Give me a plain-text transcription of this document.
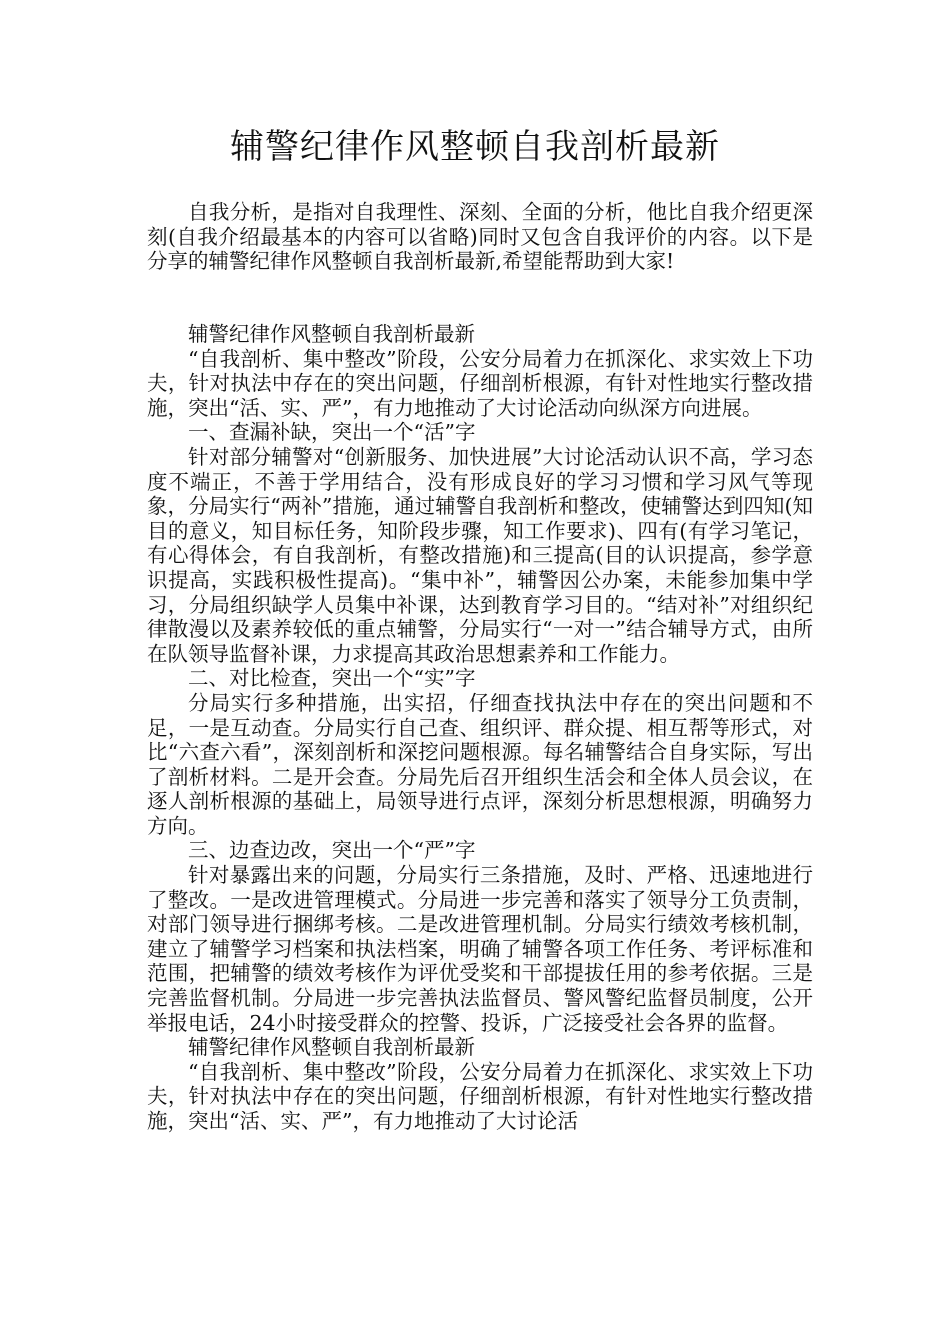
辅警纪律作风整顿自我剖析最新

自我分析，是指对自我理性、深刻、全面的分析，他比自我介绍更深刻(自我介绍最基本的内容可以省略)同时又包含自我评价的内容。以下是分享的辅警纪律作风整顿自我剖析最新,希望能帮助到大家!

辅警纪律作风整顿自我剖析最新

“自我剖析、集中整改”阶段，公安分局着力在抓深化、求实效上下功夫，针对执法中存在的突出问题，仔细剖析根源，有针对性地实行整改措施，突出“活、实、严”，有力地推动了大讨论活动向纵深方向进展。

一、查漏补缺，突出一个“活”字

针对部分辅警对“创新服务、加快进展”大讨论活动认识不高，学习态度不端正，不善于学用结合，没有形成良好的学习习惯和学习风气等现象，分局实行“两补”措施，通过辅警自我剖析和整改，使辅警达到四知(知目的意义，知目标任务，知阶段步骤，知工作要求)、四有(有学习笔记，有心得体会，有自我剖析，有整改措施)和三提高(目的认识提高，参学意识提高，实践积极性提高)。“集中补”，辅警因公办案，未能参加集中学习，分局组织缺学人员集中补课，达到教育学习目的。“结对补”对组织纪律散漫以及素养较低的重点辅警，分局实行“一对一”结合辅导方式，由所在队领导监督补课，力求提高其政治思想素养和工作能力。

二、对比检查，突出一个“实”字

分局实行多种措施，出实招，仔细查找执法中存在的突出问题和不足，一是互动查。分局实行自己查、组织评、群众提、相互帮等形式，对比“六查六看”，深刻剖析和深挖问题根源。每名辅警结合自身实际，写出了剖析材料。二是开会查。分局先后召开组织生活会和全体人员会议，在逐人剖析根源的基础上，局领导进行点评，深刻分析思想根源，明确努力方向。

三、边查边改，突出一个“严”字

针对暴露出来的问题，分局实行三条措施，及时、严格、迅速地进行了整改。一是改进管理模式。分局进一步完善和落实了领导分工负责制，对部门领导进行捆绑考核。二是改进管理机制。分局实行绩效考核机制，建立了辅警学习档案和执法档案，明确了辅警各项工作任务、考评标准和范围，把辅警的绩效考核作为评优受奖和干部提拔任用的参考依据。三是完善监督机制。分局进一步完善执法监督员、警风警纪监督员制度，公开举报电话，24小时接受群众的控警、投诉，广泛接受社会各界的监督。

辅警纪律作风整顿自我剖析最新

“自我剖析、集中整改”阶段，公安分局着力在抓深化、求实效上下功夫，针对执法中存在的突出问题，仔细剖析根源，有针对性地实行整改措施，突出“活、实、严”，有力地推动了大讨论活
